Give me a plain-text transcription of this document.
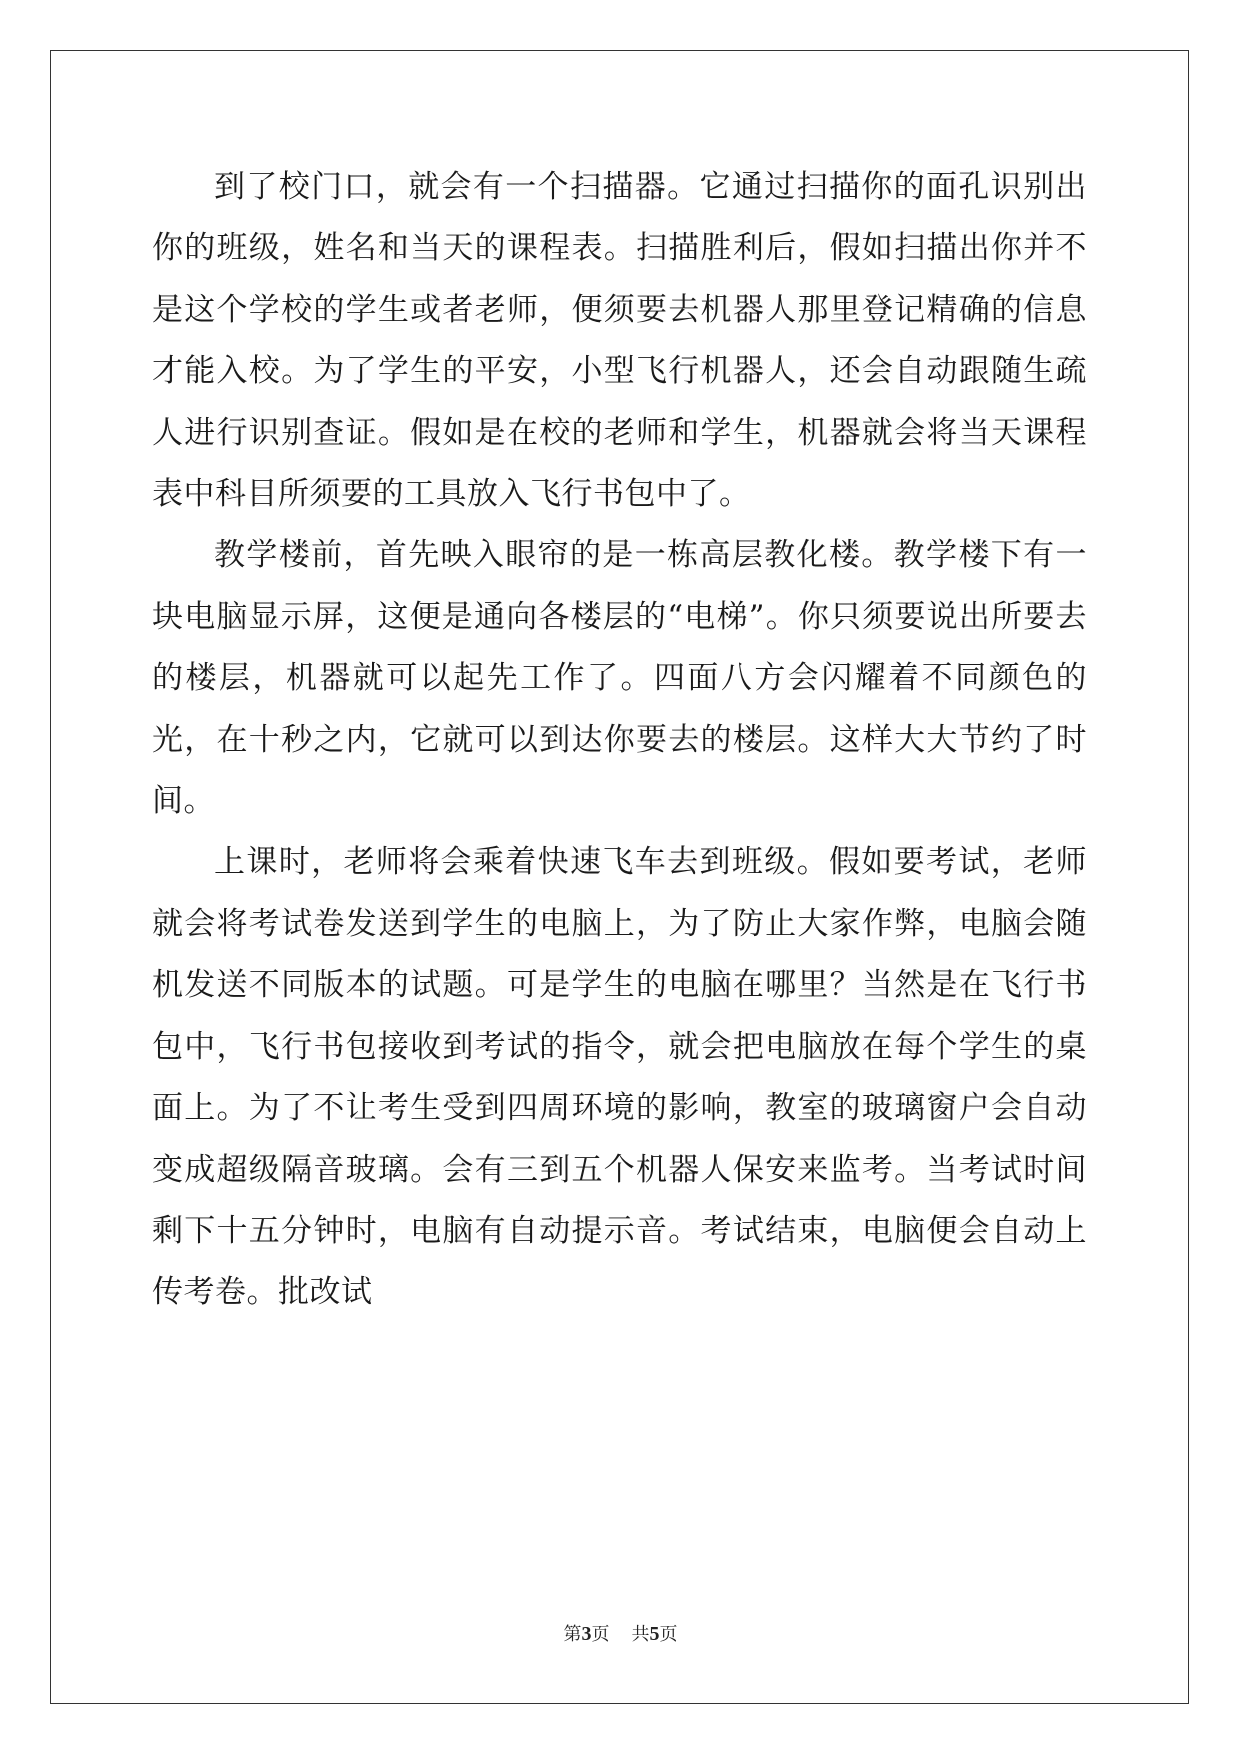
到了校门口，就会有一个扫描器。它通过扫描你的面孔识别出你的班级，姓名和当天的课程表。扫描胜利后，假如扫描出你并不是这个学校的学生或者老师，便须要去机器人那里登记精确的信息才能入校。为了学生的平安，小型飞行机器人，还会自动跟随生疏人进行识别查证。假如是在校的老师和学生，机器就会将当天课程表中科目所须要的工具放入飞行书包中了。

教学楼前，首先映入眼帘的是一栋高层教化楼。教学楼下有一块电脑显示屏，这便是通向各楼层的“电梯”。你只须要说出所要去的楼层，机器就可以起先工作了。四面八方会闪耀着不同颜色的光，在十秒之内，它就可以到达你要去的楼层。这样大大节约了时间。

上课时，老师将会乘着快速飞车去到班级。假如要考试，老师就会将考试卷发送到学生的电脑上，为了防止大家作弊，电脑会随机发送不同版本的试题。可是学生的电脑在哪里？当然是在飞行书包中，飞行书包接收到考试的指令，就会把电脑放在每个学生的桌面上。为了不让考生受到四周环境的影响，教室的玻璃窗户会自动变成超级隔音玻璃。会有三到五个机器人保安来监考。当考试时间剩下十五分钟时，电脑有自动提示音。考试结束，电脑便会自动上传考卷。批改试

第3页 共5页
